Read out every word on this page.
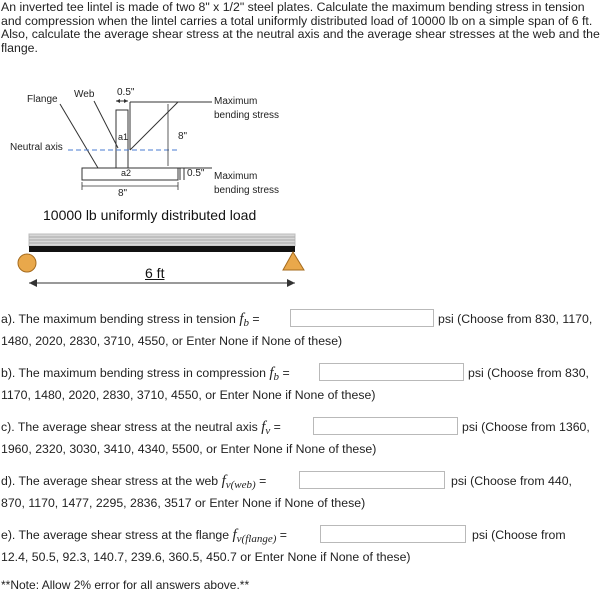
An inverted tee lintel is made of two 8" x 1/2" steel plates. Calculate the maximum bending stress in tension and compression when the lintel carries a total uniformly distributed load of 10000 lb on a simple span of 6 ft. Also, calculate the average shear stress at the neutral axis and the average shear stresses at the web and the flange.
Flange Web 0.5"
Maximum
bending stress
a1	8"
Neutral axis
a2	0.5" Maximum
bending stress
8"
10000 lb uniformly distributed load
6 ft
a). The maximum bending stress in tension fb =	psi (Choose from 830, 1170,
1480, 2020, 2830, 3710, 4550, or Enter None if None of these)
b). The maximum bending stress in compression fb =	psi (Choose from 830,
1170, 1480, 2020, 2830, 3710, 4550, or Enter None if None of these)
c). The average shear stress at the neutral axis fv =	psi (Choose from 1360,
1960, 2320, 3030, 3410, 4340, 5500, or Enter None if None of these)
d). The average shear stress at the web fv(web) =	psi (Choose from 440,
870, 1170, 1477, 2295, 2836, 3517 or Enter None if None of these)
e). The average shear stress at the flange fv(flange) =	psi (Choose from
12.4, 50.5, 92.3, 140.7, 239.6, 360.5, 450.7 or Enter None if None of these)
**Note: Allow 2% error for all answers above.**
